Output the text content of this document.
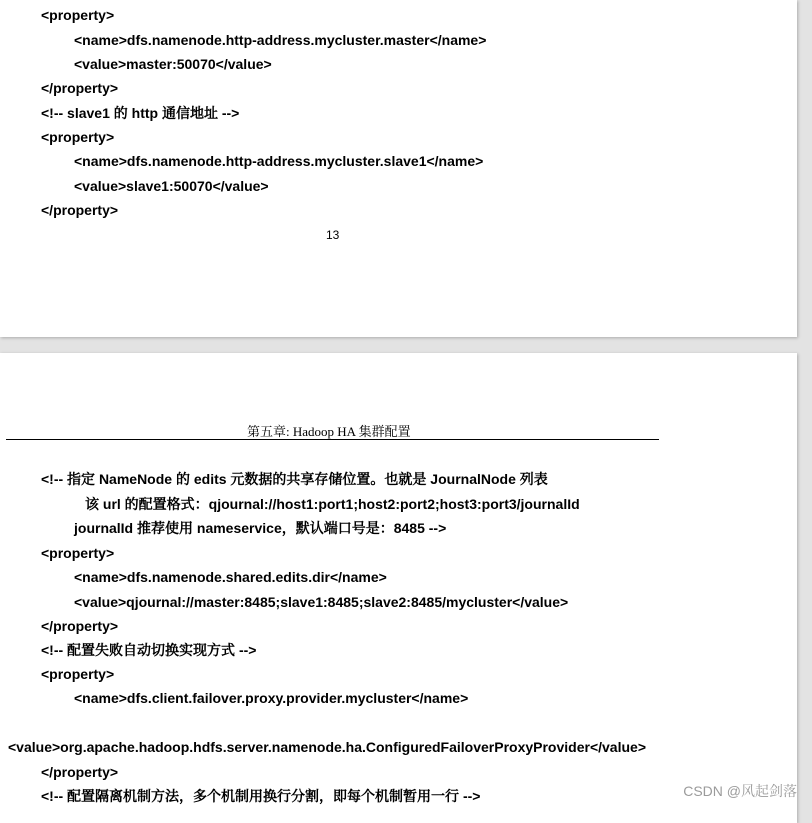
<property>
<name>dfs.namenode.http-address.mycluster.master</name>
<value>master:50070</value>
</property>
<!-- slave1 的 http 通信地址 -->
<property>
<name>dfs.namenode.http-address.mycluster.slave1</name>
<value>slave1:50070</value>
</property>
13
第五章: Hadoop HA 集群配置
<!-- 指定 NameNode 的 edits 元数据的共享存储位置。也就是 JournalNode 列表
该 url 的配置格式：qjournal://host1:port1;host2:port2;host3:port3/journalId
journalId 推荐使用 nameservice，默认端口号是：8485 -->
<property>
<name>dfs.namenode.shared.edits.dir</name>
<value>qjournal://master:8485;slave1:8485;slave2:8485/mycluster</value>
</property>
<!-- 配置失败自动切换实现方式 -->
<property>
<name>dfs.client.failover.proxy.provider.mycluster</name>
<value>org.apache.hadoop.hdfs.server.namenode.ha.ConfiguredFailoverProxyProvider</value>
</property>
<!-- 配置隔离机制方法，多个机制用换行分割，即每个机制暂用一行 -->	CSDN @风起剑落
